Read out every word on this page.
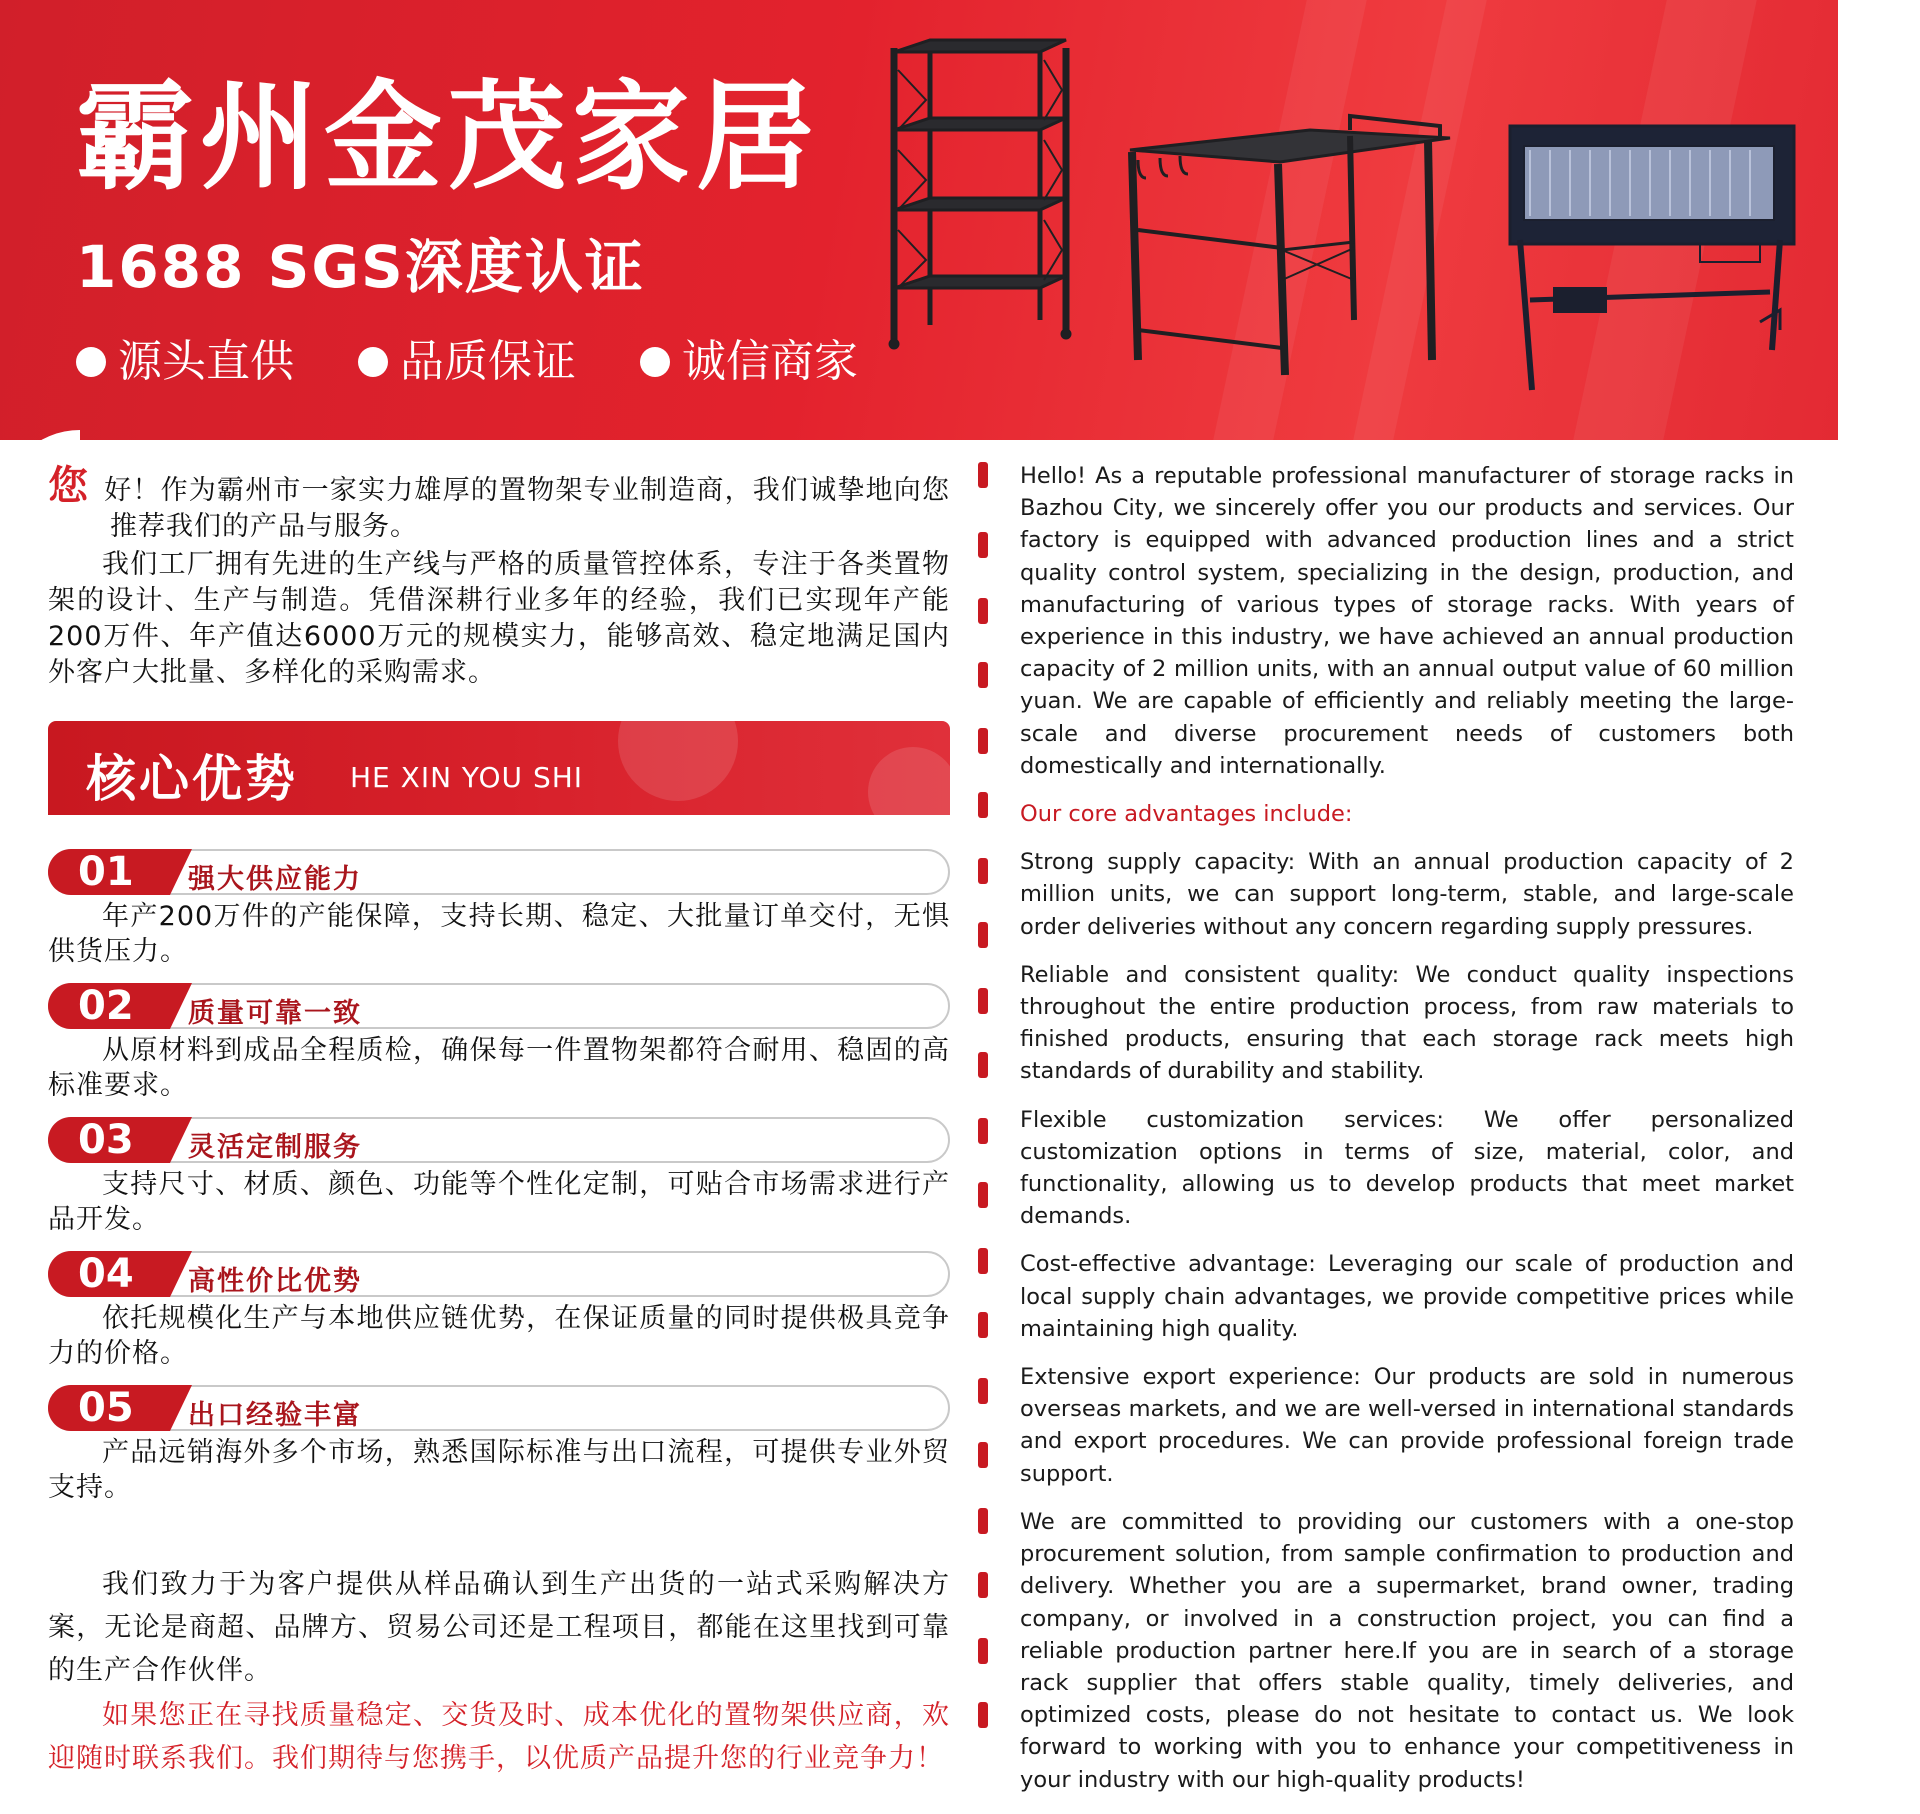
霸州金茂家居
1688 SGS深度认证
源头直供 品质保证 诚信商家

您 好！作为霸州市一家实力雄厚的置物架专业制造商，我们诚挚地向您推荐我们的产品与服务。

我们工厂拥有先进的生产线与严格的质量管控体系，专注于各类置物架的设计、生产与制造。凭借深耕行业多年的经验，我们已实现年产能200万件、年产值达6000万元的规模实力，能够高效、稳定地满足国内外客户大批量、多样化的采购需求。

核心优势 HE XIN YOU SHI
01	强大供应能力

年产200万件的产能保障，支持长期、稳定、大批量订单交付，无惧供货压力。

02	质量可靠一致

从原材料到成品全程质检，确保每一件置物架都符合耐用、稳固的高标准要求。

03	灵活定制服务

支持尺寸、材质、颜色、功能等个性化定制，可贴合市场需求进行产品开发。

04	高性价比优势

依托规模化生产与本地供应链优势，在保证质量的同时提供极具竞争力的价格。

05	出口经验丰富

产品远销海外多个市场，熟悉国际标准与出口流程，可提供专业外贸支持。

我们致力于为客户提供从样品确认到生产出货的一站式采购解决方案，无论是商超、品牌方、贸易公司还是工程项目，都能在这里找到可靠的生产合作伙伴。

如果您正在寻找质量稳定、交货及时、成本优化的置物架供应商，欢迎随时联系我们。我们期待与您携手，以优质产品提升您的行业竞争力！

Hello! As a reputable professional manufacturer of storage racks in Bazhou City, we sincerely offer you our products and services. Our factory is equipped with advanced production lines and a strict quality control system, specializing in the design, production, and manufacturing of various types of storage racks. With years of experience in this industry, we have achieved an annual production capacity of 2 million units, with an annual output value of 60 million yuan. We are capable of efficiently and reliably meeting the large-scale and diverse procurement needs of customers both domestically and internationally.

Our core advantages include:

Strong supply capacity: With an annual production capacity of 2 million units, we can support long-term, stable, and large-scale order deliveries without any concern regarding supply pressures.

Reliable and consistent quality: We conduct quality inspections throughout the entire production process, from raw materials to finished products, ensuring that each storage rack meets high standards of durability and stability.

Flexible customization services: We offer personalized customization options in terms of size, material, color, and functionality, allowing us to develop products that meet market demands.

Cost-effective advantage: Leveraging our scale of production and local supply chain advantages, we provide competitive prices while maintaining high quality.

Extensive export experience: Our products are sold in numerous overseas markets, and we are well-versed in international standards and export procedures. We can provide professional foreign trade support.

We are committed to providing our customers with a one-stop procurement solution, from sample confirmation to production and delivery. Whether you are a supermarket, brand owner, trading company, or involved in a construction project, you can find a reliable production partner here.If you are in search of a storage rack supplier that offers stable quality, timely deliveries, and optimized costs, please do not hesitate to contact us. We look forward to working with you to enhance your competitiveness in your industry with our high-quality products!
